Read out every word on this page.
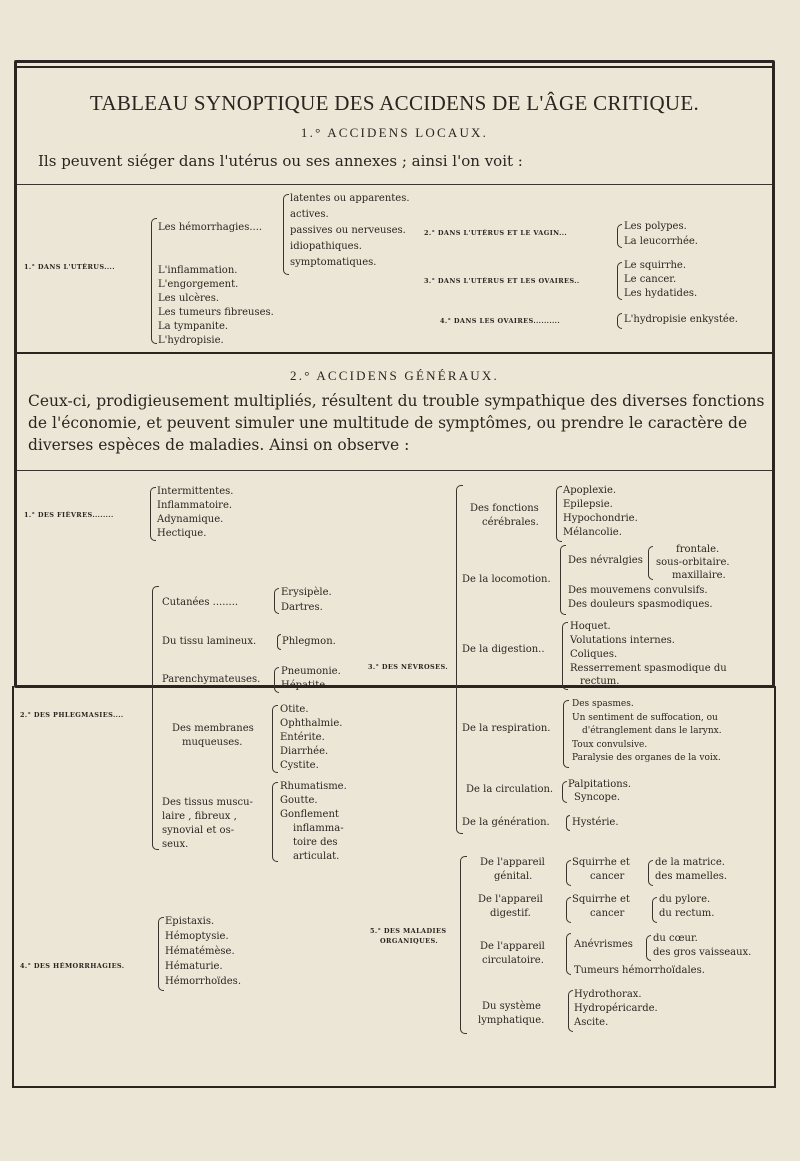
TABLEAU SYNOPTIQUE DES ACCIDENS DE L'ÂGE CRITIQUE.
1.° ACCIDENS LOCAUX.
Ils peuvent siéger dans l'utérus ou ses annexes ; ainsi l'on voit :
1.° DANS L'UTÉRUS....
Les hémorrhagies....
latentes ou apparentes.
actives.
passives ou nerveuses.
idiopathiques.
symptomatiques.
L'inflammation.
L'engorgement.
Les ulcères.
Les tumeurs fibreuses.
La tympanite.
L'hydropisie.
2.° DANS L'UTÉRUS ET LE VAGIN...
Les polypes.
La leucorrhée.
3.° DANS L'UTÉRUS ET LES OVAIRES..
Le squirrhe.
Le cancer.
Les hydatides.
4.° DANS LES OVAIRES..........	L'hydropisie enkystée.
2.° ACCIDENS GÉNÉRAUX.
Ceux-ci, prodigieusement multipliés, résultent du trouble sympathique des diverses fonctions de l'économie, et peuvent simuler une multitude de symptômes, ou prendre le caractère de diverses espèces de maladies. Ainsi on observe :
1.° DES FIÈVRES........
Intermittentes.
Inflammatoire.
Adynamique.
Hectique.
2.° DES PHLEGMASIES....
Cutanées ........
Erysipèle.
Dartres.
Du tissu lamineux.	Phlegmon.
Parenchymateuses.
Pneumonie.
Hépatite.
Des membranes
muqueuses.
Otite.
Ophthalmie.
Entérite.
Diarrhée.
Cystite.
Des tissus muscu-
laire , fibreux ,
synovial et os-
seux.
Rhumatisme.
Goutte.
Gonflement
inflamma-
toire des
articulat.
4.° DES HÉMORRHAGIES.
Epistaxis.
Hémoptysie.
Hématémèse.
Hématurie.
Hémorrhoïdes.
3.° DES NÉVROSES.
Des fonctions
cérébrales.
Apoplexie.
Epilepsie.
Hypochondrie.
Mélancolie.
De la locomotion.
Des névralgies
frontale.
sous-orbitaire.
maxillaire.
Des mouvemens convulsifs.
Des douleurs spasmodiques.
De la digestion..
Hoquet.
Volutations internes.
Coliques.
Resserrement spasmodique du
rectum.
De la respiration.
Des spasmes.
Un sentiment de suffocation, ou
d'étranglement dans le larynx.
Toux convulsive.
Paralysie des organes de la voix.
De la circulation. Palpitations.
Syncope.
De la génération. Hystérie.
5.° DES MALADIES
ORGANIQUES.
De l'appareil
génital.
Squirrhe et
cancer
de la matrice.
des mamelles.
De l'appareil
digestif.
Squirrhe et
cancer
du pylore.
du rectum.
De l'appareil
circulatoire.
Anévrismes
du cœur.
des gros vaisseaux.
Tumeurs hémorrhoïdales.
Du système
lymphatique.
Hydrothorax.
Hydropéricarde.
Ascite.
